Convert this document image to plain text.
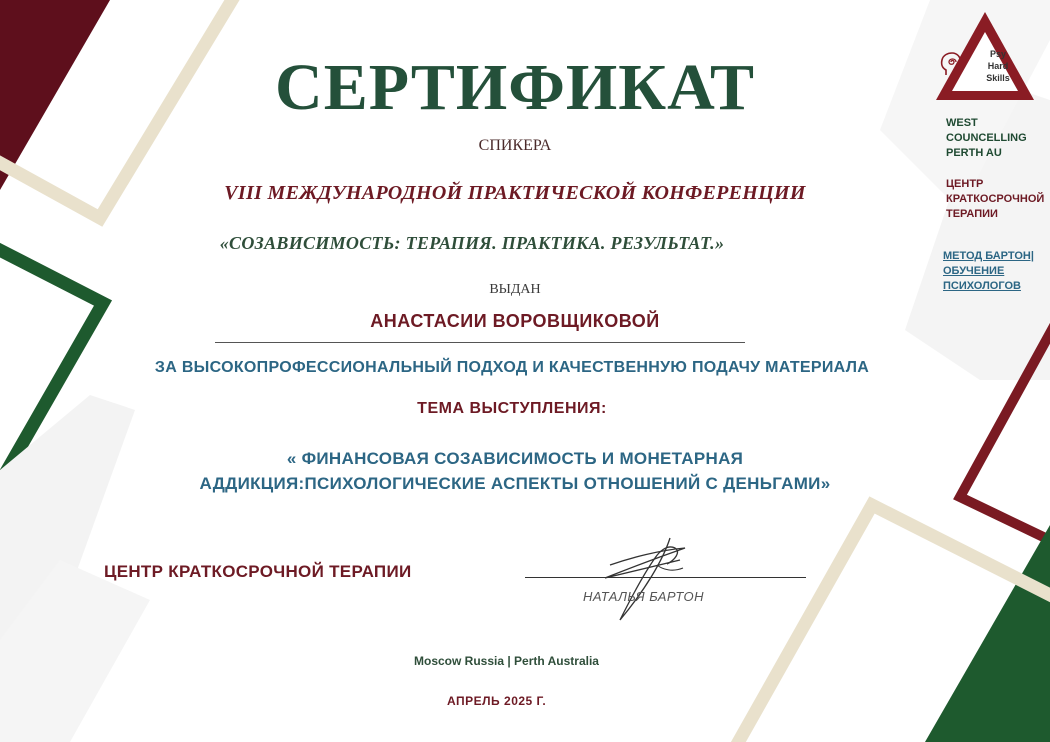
Psy
Hard
Skills
WEST
COUNCELLING
PERTH AU
ЦЕНТР
КРАТКОСРОЧНОЙ
ТЕРАПИИ
МЕТОД БАРТОН|
ОБУЧЕНИЕ
ПСИХОЛОГОВ
СЕРТИФИКАТ
СПИКЕРА
VIII МЕЖДУНАРОДНОЙ ПРАКТИЧЕСКОЙ КОНФЕРЕНЦИИ
«СОЗАВИСИМОСТЬ: ТЕРАПИЯ. ПРАКТИКА. РЕЗУЛЬТАТ.»
ВЫДАН
АНАСТАСИИ ВОРОВЩИКОВОЙ
ЗА ВЫСОКОПРОФЕССИОНАЛЬНЫЙ ПОДХОД И КАЧЕСТВЕННУЮ ПОДАЧУ МАТЕРИАЛА
ТЕМА ВЫСТУПЛЕНИЯ:
« ФИНАНСОВАЯ СОЗАВИСИМОСТЬ И МОНЕТАРНАЯ
АДДИКЦИЯ:ПСИХОЛОГИЧЕСКИЕ АСПЕКТЫ ОТНОШЕНИЙ С ДЕНЬГАМИ»
ЦЕНТР КРАТКОСРОЧНОЙ ТЕРАПИИ
НАТАЛЬЯ БАРТОН
Moscow Russia | Perth Australia
АПРЕЛЬ 2025 Г.
